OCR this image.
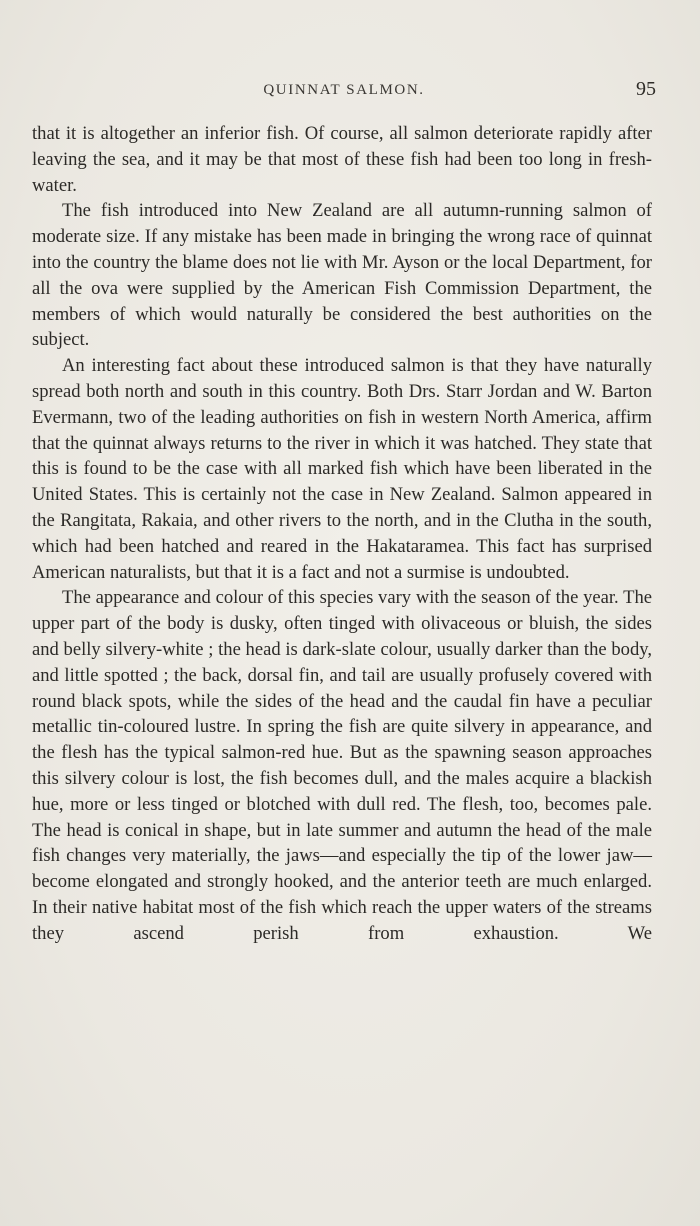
QUINNAT SALMON.	95

that it is altogether an inferior fish. Of course, all salmon deteriorate rapidly after leaving the sea, and it may be that most of these fish had been too long in fresh-water.

The fish introduced into New Zealand are all autumn-running salmon of moderate size. If any mistake has been made in bringing the wrong race of quinnat into the country the blame does not lie with Mr. Ayson or the local Department, for all the ova were supplied by the American Fish Commission Department, the members of which would naturally be considered the best authorities on the subject.

An interesting fact about these introduced salmon is that they have naturally spread both north and south in this country. Both Drs. Starr Jordan and W. Barton Evermann, two of the leading authorities on fish in western North America, affirm that the quinnat always returns to the river in which it was hatched. They state that this is found to be the case with all marked fish which have been liberated in the United States. This is certainly not the case in New Zealand. Salmon appeared in the Rangitata, Rakaia, and other rivers to the north, and in the Clutha in the south, which had been hatched and reared in the Hakataramea. This fact has surprised American naturalists, but that it is a fact and not a surmise is undoubted.

The appearance and colour of this species vary with the season of the year. The upper part of the body is dusky, often tinged with olivaceous or bluish, the sides and belly silvery-white ; the head is dark-slate colour, usually darker than the body, and little spotted ; the back, dorsal fin, and tail are usually profusely covered with round black spots, while the sides of the head and the caudal fin have a peculiar metallic tin-coloured lustre. In spring the fish are quite silvery in appearance, and the flesh has the typical salmon-red hue. But as the spawning season approaches this silvery colour is lost, the fish becomes dull, and the males acquire a blackish hue, more or less tinged or blotched with dull red. The flesh, too, becomes pale. The head is conical in shape, but in late summer and autumn the head of the male fish changes very materially, the jaws—and especially the tip of the lower jaw—become elongated and strongly hooked, and the anterior teeth are much enlarged. In their native habitat most of the fish which reach the upper waters of the streams they ascend perish from exhaustion. We
